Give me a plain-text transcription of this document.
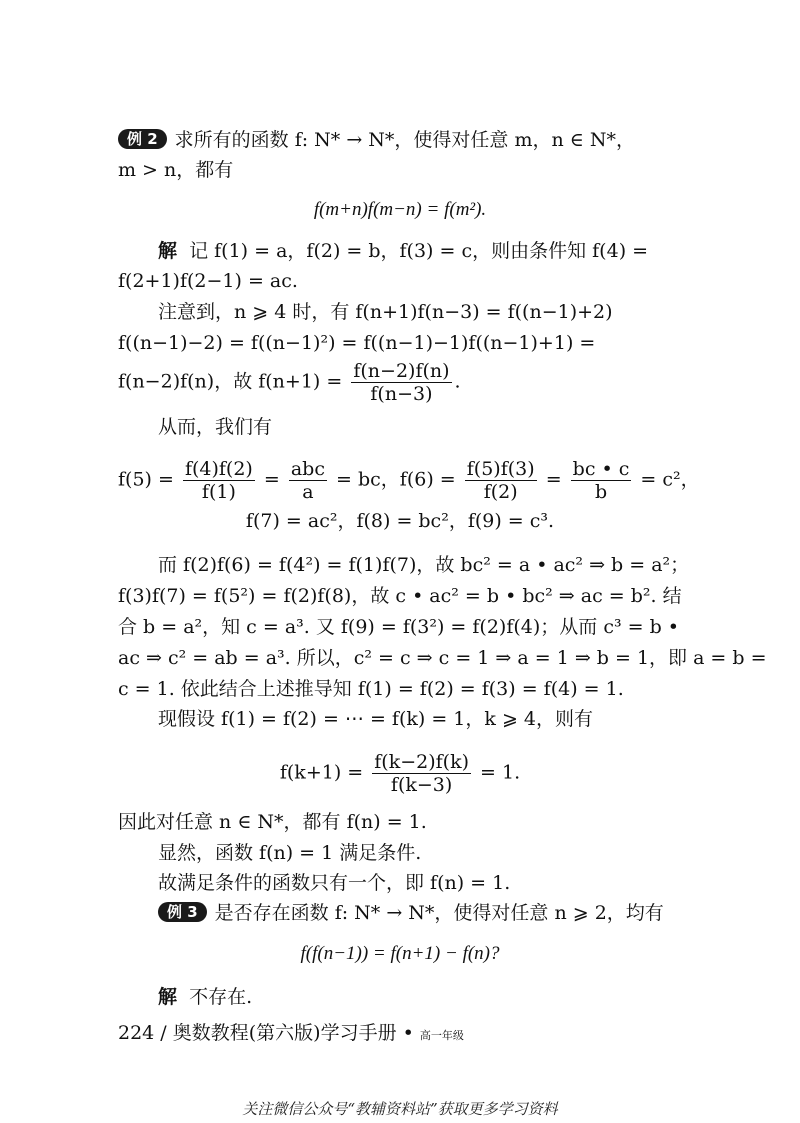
例 2 求所有的函数 f: N* → N*，使得对任意 m，n ∈ N*，
m > n，都有
f(m+n)f(m−n) = f(m²).
解 记 f(1) = a，f(2) = b，f(3) = c，则由条件知 f(4) =
f(2+1)f(2−1) = ac.
注意到，n ⩾ 4 时，有 f(n+1)f(n−3) = f((n−1)+2)
f((n−1)−2) = f((n−1)²) = f((n−1)−1)f((n−1)+1) =
f(n−2)f(n)，故 $f(n+1) = \frac{f(n-2)f(n)}{f(n-3)}$ .
从而，我们有
$f(5) = \frac{f(4)f(2)}{f(1)} = \frac{\text{abc}}{a}$ = bc，$f(6) = \frac{f(5)f(3)}{f(2)} = \frac{bc • c}{b} = c^2$，
f(7) = ac²，f(8) = bc²，f(9) = c³.
而 f(2)f(6) = f(4²) = f(1)f(7)，故 bc² = a • ac² ⇒ b = a²；
f(3)f(7) = f(5²) = f(2)f(8)，故 c • ac² = b • bc² ⇒ ac = b². 结
合 b = a²，知 c = a³. 又 f(9) = f(3²) = f(2)f(4)；从而 c³ = b •
ac ⇒ c² = ab = a³. 所以，c² = c ⇒ c = 1 ⇒ a = 1 ⇒ b = 1，即 a = b =
c = 1. 依此结合上述推导知 f(1) = f(2) = f(3) = f(4) = 1.
现假设 f(1) = f(2) = ⋯ = f(k) = 1，k ⩾ 4，则有
$f(k+1) = \frac{f(k-2)f(k)}{f(k-3)} = 1$.
因此对任意 n ∈ N*，都有 f(n) = 1.
显然，函数 f(n) = 1 满足条件.
故满足条件的函数只有一个，即 f(n) = 1.
例 3 是否存在函数 f: N* → N*，使得对任意 n ⩾ 2，均有
f(f(n−1)) = f(n+1) − f(n)?
解 不存在.
224 / 奥数教程(第六版)学习手册 • 高一年级
关注微信公众号“教辅资料站”获取更多学习资料
